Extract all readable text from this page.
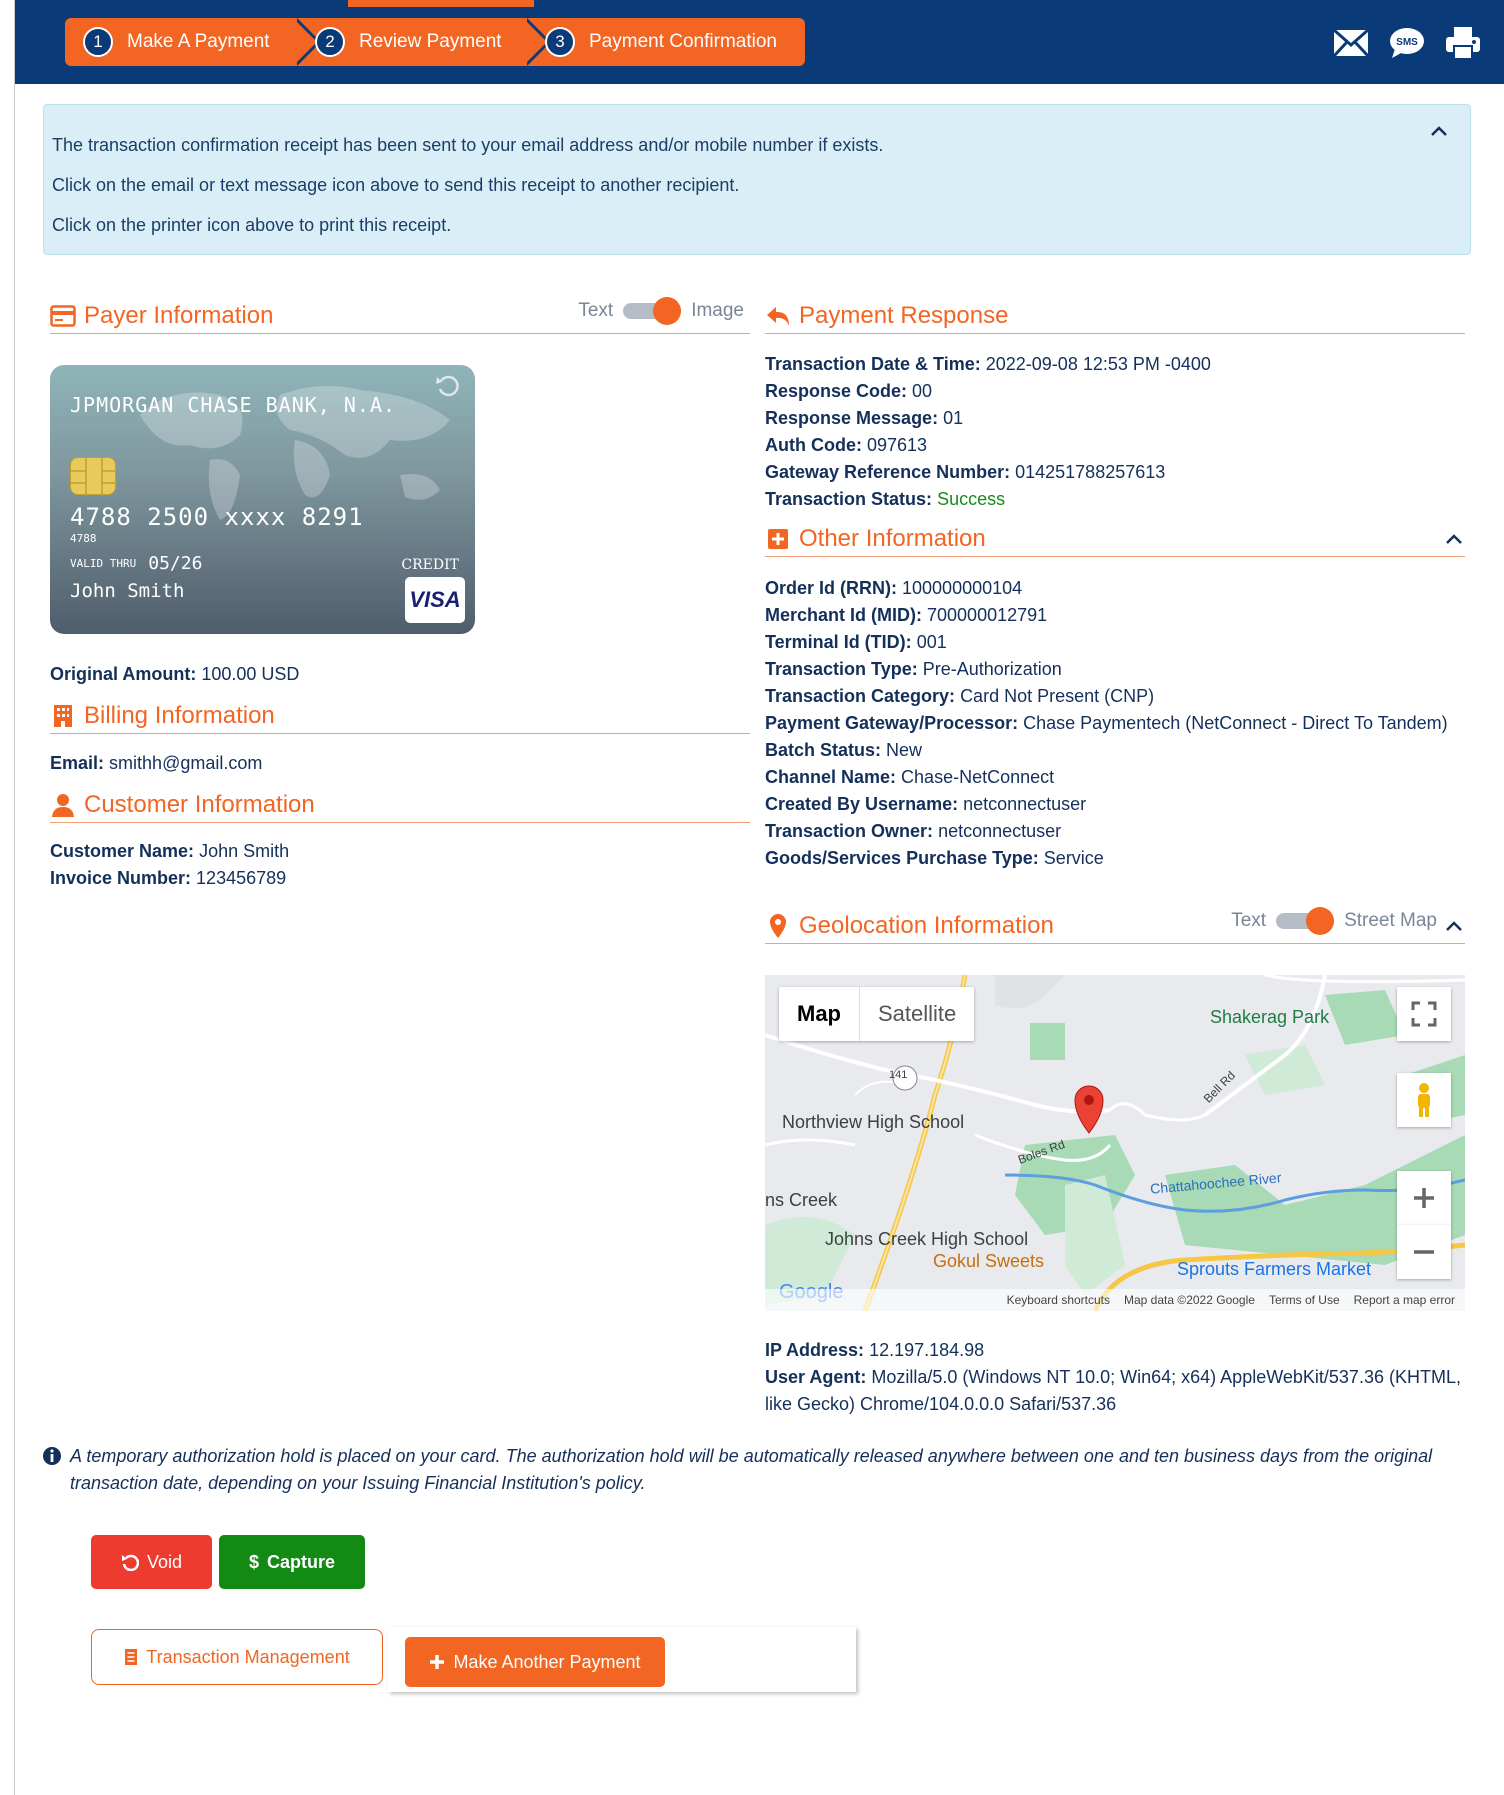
1	Make A Payment	2	Review Payment	3	Payment Confirmation	SMS

The transaction confirmation receipt has been sent to your email address and/or mobile number if exists.

Click on the email or text message icon above to send this receipt to another recipient.

Click on the printer icon above to print this receipt.

Payer Information	Text	Image
JPMORGAN CHASE BANK, N.A.
4788 2500 xxxx 8291
4788
VALID THRU 05/26
John Smith
CREDIT
VISA
Original Amount: 100.00 USD
Billing Information
Email: smithh@gmail.com
Customer Information
Customer Name: John Smith
Invoice Number: 123456789
Payment Response
Transaction Date & Time: 2022-09-08 12:53 PM -0400
Response Code: 00
Response Message: 01
Auth Code: 097613
Gateway Reference Number: 014251788257613
Transaction Status: Success
Other Information
Order Id (RRN): 100000000104
Merchant Id (MID): 700000012791
Terminal Id (TID): 001
Transaction Type: Pre-Authorization
Transaction Category: Card Not Present (CNP)
Payment Gateway/Processor: Chase Paymentech (NetConnect - Direct To Tandem)
Batch Status: New
Channel Name: Chase-NetConnect
Created By Username: netconnectuser
Transaction Owner: netconnectuser
Goods/Services Purchase Type: Service
Geolocation Information	Text	Street Map
Map	Satellite
141
Shakerag Park
Northview High School
ns Creek
Johns Creek High School
Gokul Sweets	Sprouts Farmers Market
Chattahoochee River
Boles Rd
Bell Rd
Keyboard shortcuts Map data ©2022 Google Terms of Use Report a map error
IP Address: 12.197.184.98
User Agent: Mozilla/5.0 (Windows NT 10.0; Win64; x64) AppleWebKit/537.36 (KHTML, like Gecko) Chrome/104.0.0.0 Safari/537.36
A temporary authorization hold is placed on your card. The authorization hold will be automatically released anywhere between one and ten business days from the original transaction date, depending on your Issuing Financial Institution's policy.
Void	$ Capture
Transaction Management	Make Another Payment
